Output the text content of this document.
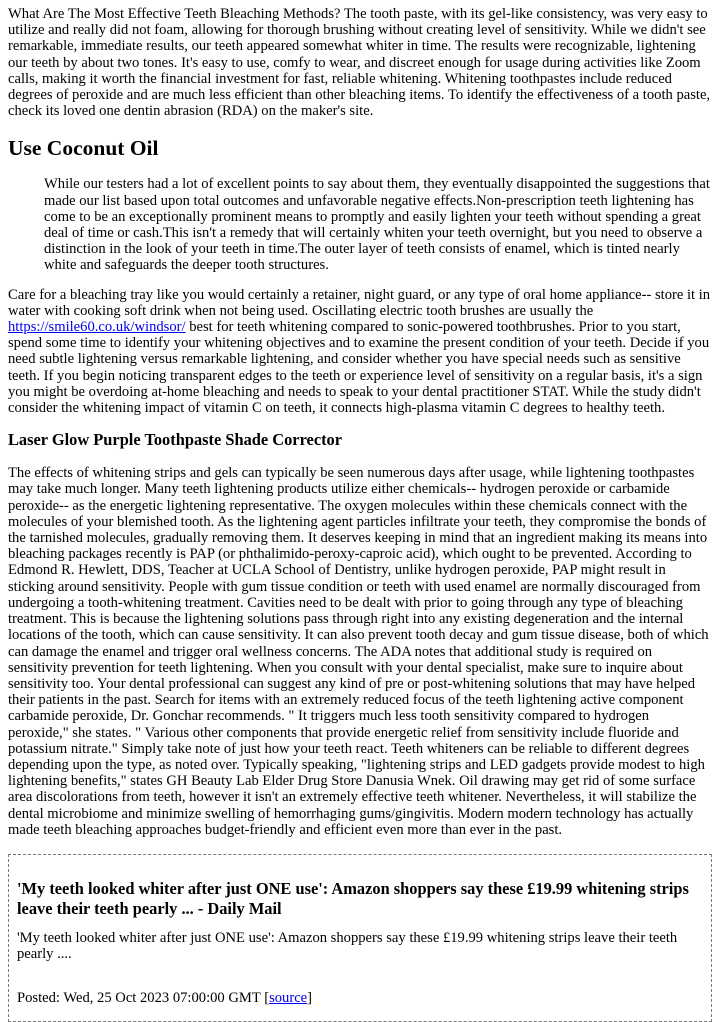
What Are The Most Effective Teeth Bleaching Methods? The tooth paste, with its gel-like consistency, was very easy to utilize and really did not foam, allowing for thorough brushing without creating level of sensitivity. While we didn't see remarkable, immediate results, our teeth appeared somewhat whiter in time. The results were recognizable, lightening our teeth by about two tones. It's easy to use, comfy to wear, and discreet enough for usage during activities like Zoom calls, making it worth the financial investment for fast, reliable whitening. Whitening toothpastes include reduced degrees of peroxide and are much less efficient than other bleaching items. To identify the effectiveness of a tooth paste, check its loved one dentin abrasion (RDA) on the maker's site.

Use Coconut Oil

While our testers had a lot of excellent points to say about them, they eventually disappointed the suggestions that made our list based upon total outcomes and unfavorable negative effects.Non-prescription teeth lightening has come to be an exceptionally prominent means to promptly and easily lighten your teeth without spending a great deal of time or cash.This isn't a remedy that will certainly whiten your teeth overnight, but you need to observe a distinction in the look of your teeth in time.The outer layer of teeth consists of enamel, which is tinted nearly white and safeguards the deeper tooth structures.

Care for a bleaching tray like you would certainly a retainer, night guard, or any type of oral home appliance-- store it in water with cooking soft drink when not being used. Oscillating electric tooth brushes are usually the https://smile60.co.uk/windsor/ best for teeth whitening compared to sonic-powered toothbrushes. Prior to you start, spend some time to identify your whitening objectives and to examine the present condition of your teeth. Decide if you need subtle lightening versus remarkable lightening, and consider whether you have special needs such as sensitive teeth. If you begin noticing transparent edges to the teeth or experience level of sensitivity on a regular basis, it's a sign you might be overdoing at-home bleaching and needs to speak to your dental practitioner STAT. While the study didn't consider the whitening impact of vitamin C on teeth, it connects high-plasma vitamin C degrees to healthy teeth.

Laser Glow Purple Toothpaste Shade Corrector

The effects of whitening strips and gels can typically be seen numerous days after usage, while lightening toothpastes may take much longer. Many teeth lightening products utilize either chemicals-- hydrogen peroxide or carbamide peroxide-- as the energetic lightening representative. The oxygen molecules within these chemicals connect with the molecules of your blemished tooth. As the lightening agent particles infiltrate your teeth, they compromise the bonds of the tarnished molecules, gradually removing them. It deserves keeping in mind that an ingredient making its means into bleaching packages recently is PAP (or phthalimido-peroxy-caproic acid), which ought to be prevented. According to Edmond R. Hewlett, DDS, Teacher at UCLA School of Dentistry, unlike hydrogen peroxide, PAP might result in sticking around sensitivity. People with gum tissue condition or teeth with used enamel are normally discouraged from undergoing a tooth-whitening treatment. Cavities need to be dealt with prior to going through any type of bleaching treatment. This is because the lightening solutions pass through right into any existing degeneration and the internal locations of the tooth, which can cause sensitivity. It can also prevent tooth decay and gum tissue disease, both of which can damage the enamel and trigger oral wellness concerns. The ADA notes that additional study is required on sensitivity prevention for teeth lightening. When you consult with your dental specialist, make sure to inquire about sensitivity too. Your dental professional can suggest any kind of pre or post-whitening solutions that may have helped their patients in the past. Search for items with an extremely reduced focus of the teeth lightening active component carbamide peroxide, Dr. Gonchar recommends. " It triggers much less tooth sensitivity compared to hydrogen peroxide," she states. " Various other components that provide energetic relief from sensitivity include fluoride and potassium nitrate." Simply take note of just how your teeth react. Teeth whiteners can be reliable to different degrees depending upon the type, as noted over. Typically speaking, "lightening strips and LED gadgets provide modest to high lightening benefits," states GH Beauty Lab Elder Drug Store Danusia Wnek. Oil drawing may get rid of some surface area discolorations from teeth, however it isn't an extremely effective teeth whitener. Nevertheless, it will stabilize the dental microbiome and minimize swelling of hemorrhaging gums/gingivitis. Modern modern technology has actually made teeth bleaching approaches budget-friendly and efficient even more than ever in the past.

'My teeth looked whiter after just ONE use': Amazon shoppers say these £19.99 whitening strips leave their teeth pearly ... - Daily Mail

'My teeth looked whiter after just ONE use': Amazon shoppers say these £19.99 whitening strips leave their teeth pearly ....

Posted: Wed, 25 Oct 2023 07:00:00 GMT [source]
